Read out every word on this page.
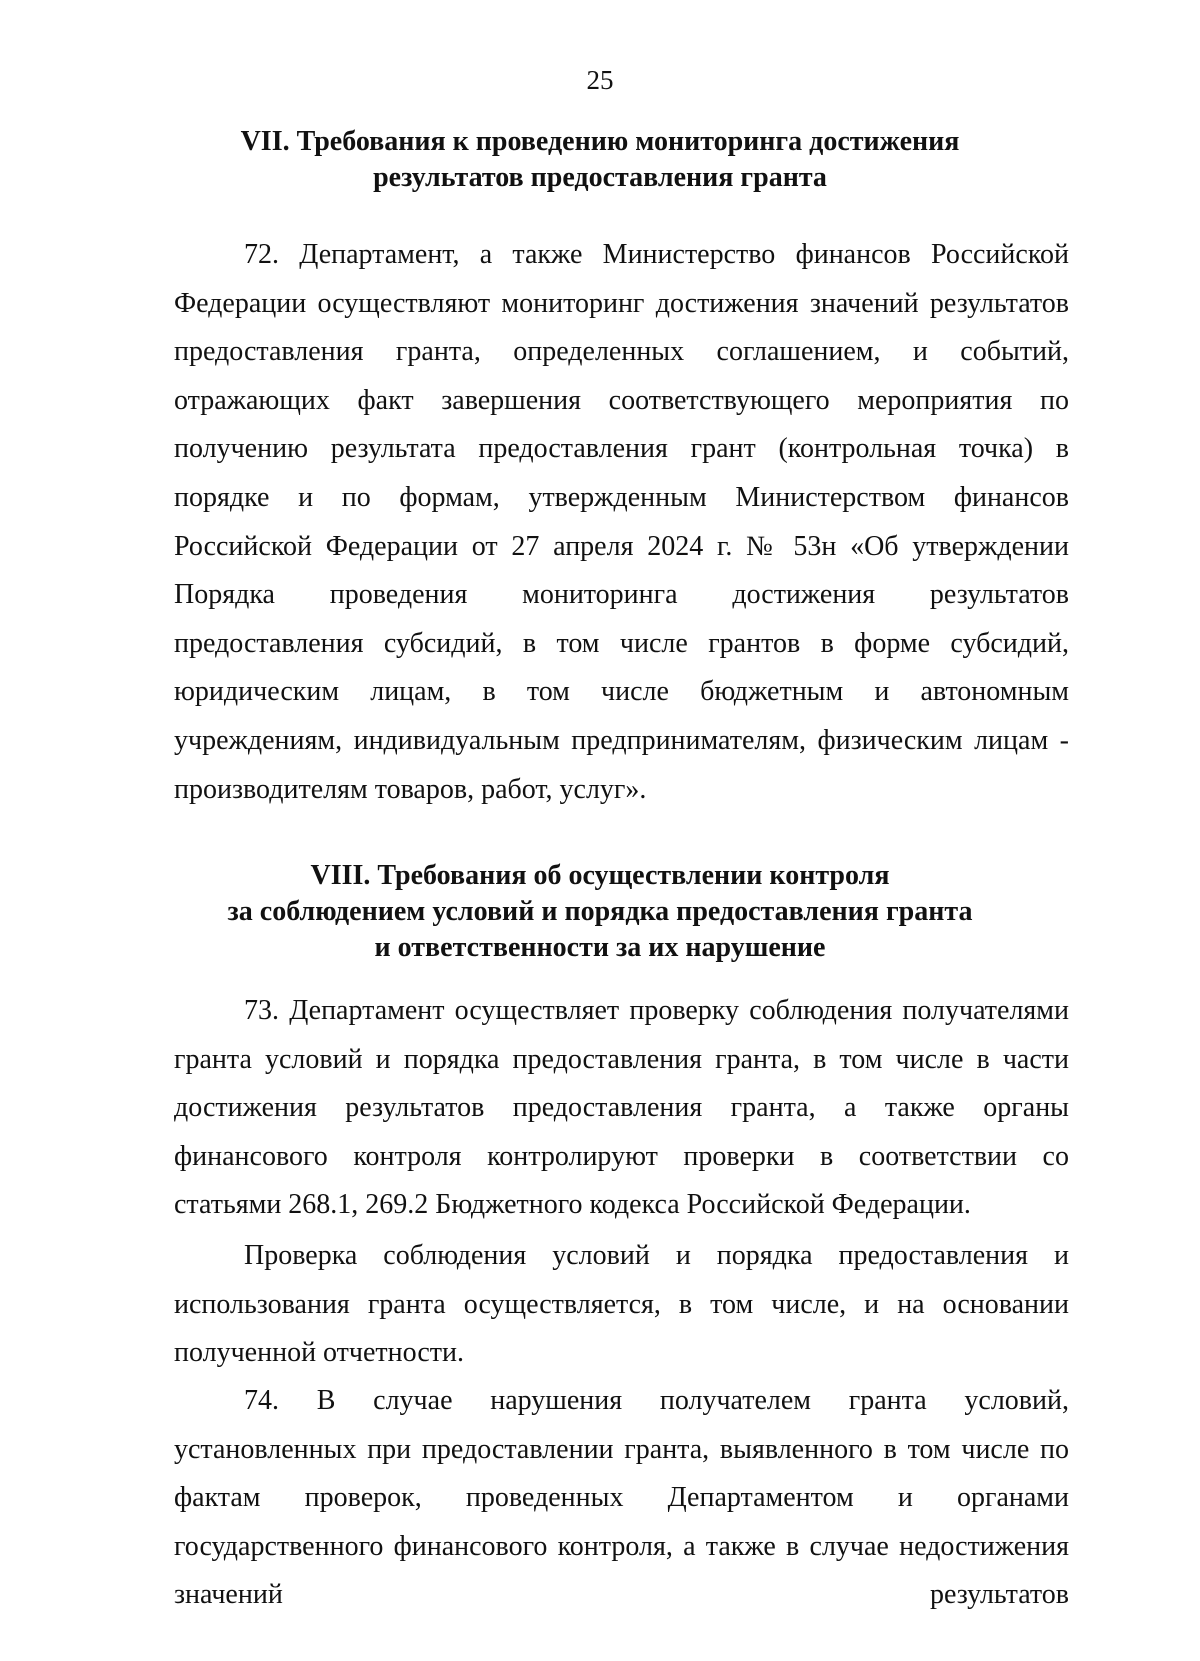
25
VII. Требования к проведению мониторинга достижения
результатов предоставления гранта

72. Департамент, а также Министерство финансов Российской Федерации осуществляют мониторинг достижения значений результатов предоставления гранта, определенных соглашением, и событий, отражающих факт завершения соответствующего мероприятия по получению результата предоставления грант (контрольная точка) в порядке и по формам, утвержденным Министерством финансов Российской Федерации от 27 апреля 2024 г. № 53н «Об утверждении Порядка проведения мониторинга достижения результатов предоставления субсидий, в том числе грантов в форме субсидий, юридическим лицам, в том числе бюджетным и автономным учреждениям, индивидуальным предпринимателям, физическим лицам - производителям товаров, работ, услуг».

VIII. Требования об осуществлении контроля
за соблюдением условий и порядка предоставления гранта
и ответственности за их нарушение

73. Департамент осуществляет проверку соблюдения получателями гранта условий и порядка предоставления гранта, в том числе в части достижения результатов предоставления гранта, а также органы финансового контроля контролируют проверки в соответствии со статьями 268.1, 269.2 Бюджетного кодекса Российской Федерации.

Проверка соблюдения условий и порядка предоставления и использования гранта осуществляется, в том числе, и на основании полученной отчетности.

74. В случае нарушения получателем гранта условий, установленных при предоставлении гранта, выявленного в том числе по фактам проверок, проведенных Департаментом и органами государственного финансового контроля, а также в случае недостижения значений результатов
